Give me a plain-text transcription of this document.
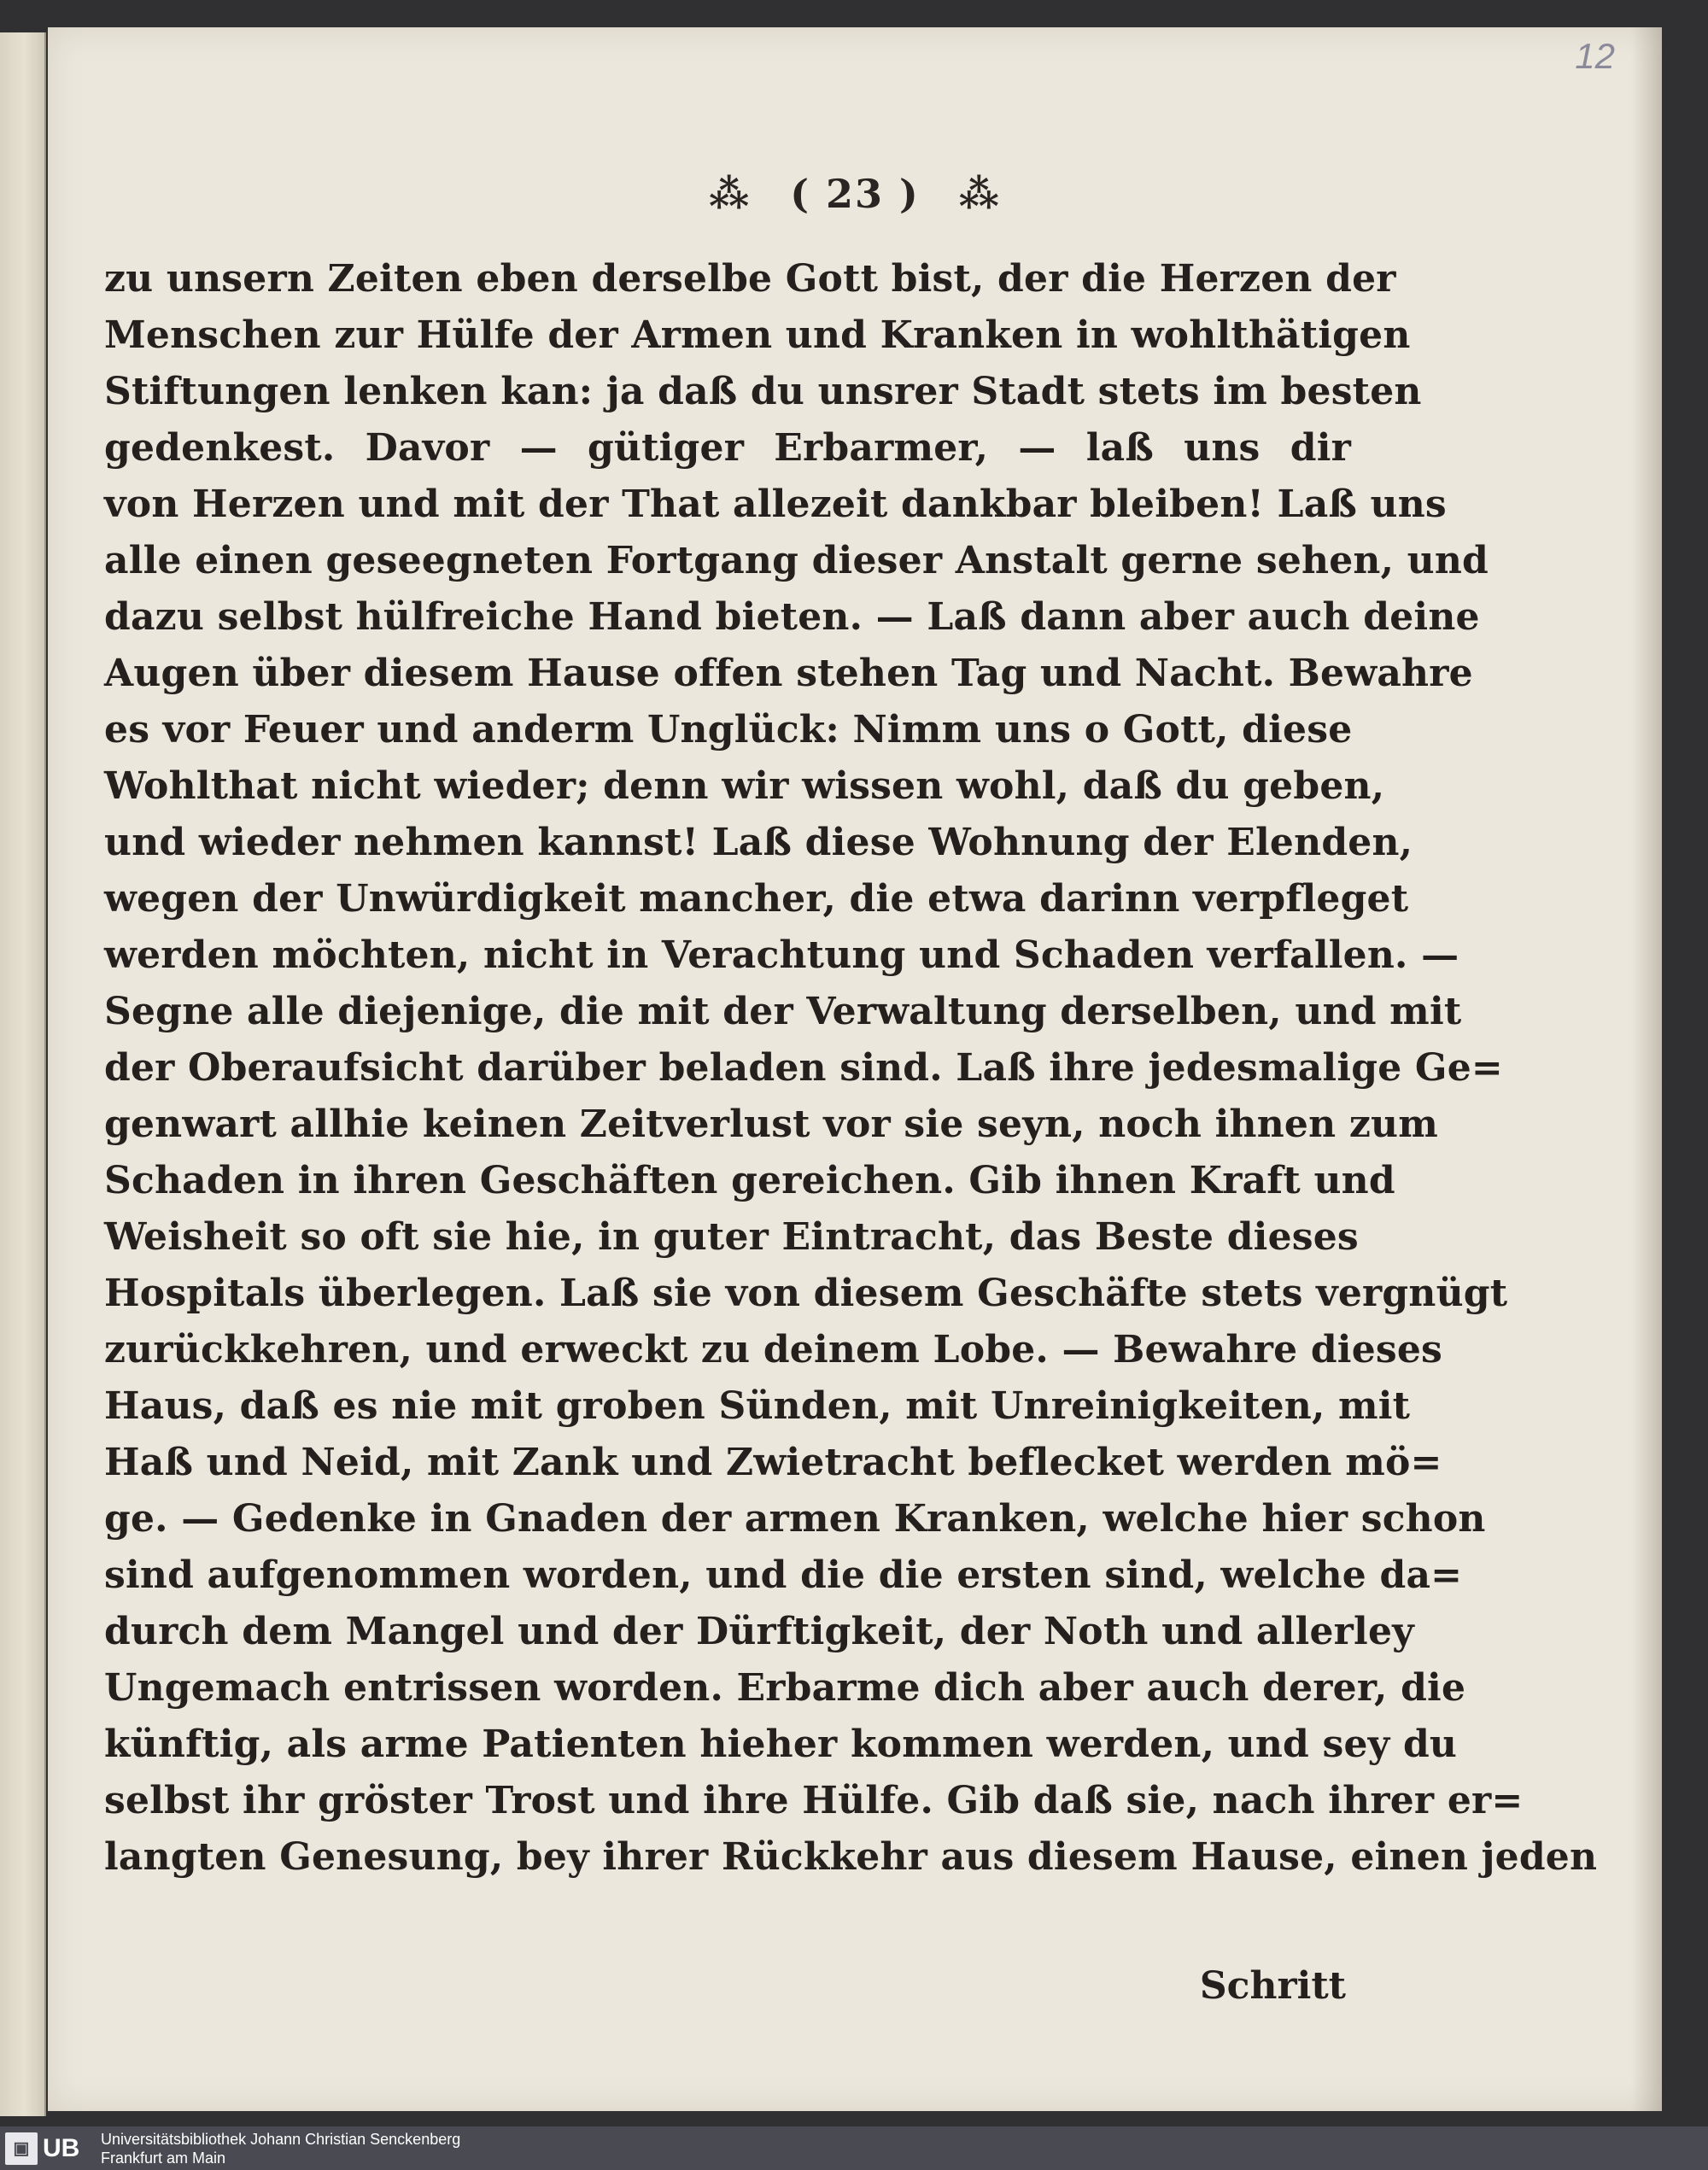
12
⁂ ( 23 ) ⁂
zu unsern Zeiten eben derselbe Gott bist, der die Herzen der
Menschen zur Hülfe der Armen und Kranken in wohlthätigen
Stiftungen lenken kan: ja daß du unsrer Stadt stets im besten
gedenkest. Davor — gütiger Erbarmer, — laß uns dir
von Herzen und mit der That allezeit dankbar bleiben! Laß uns
alle einen geseegneten Fortgang dieser Anstalt gerne sehen, und
dazu selbst hülfreiche Hand bieten. — Laß dann aber auch deine
Augen über diesem Hause offen stehen Tag und Nacht. Bewahre
es vor Feuer und anderm Unglück: Nimm uns o Gott, diese
Wohlthat nicht wieder; denn wir wissen wohl, daß du geben,
und wieder nehmen kannst! Laß diese Wohnung der Elenden,
wegen der Unwürdigkeit mancher, die etwa darinn verpfleget
werden möchten, nicht in Verachtung und Schaden verfallen. —
Segne alle diejenige, die mit der Verwaltung derselben, und mit
der Oberaufsicht darüber beladen sind. Laß ihre jedesmalige Ge=
genwart allhie keinen Zeitverlust vor sie seyn, noch ihnen zum
Schaden in ihren Geschäften gereichen. Gib ihnen Kraft und
Weisheit so oft sie hie, in guter Eintracht, das Beste dieses
Hospitals überlegen. Laß sie von diesem Geschäfte stets vergnügt
zurückkehren, und erweckt zu deinem Lobe. — Bewahre dieses
Haus, daß es nie mit groben Sünden, mit Unreinigkeiten, mit
Haß und Neid, mit Zank und Zwietracht beflecket werden mö=
ge. — Gedenke in Gnaden der armen Kranken, welche hier schon
sind aufgenommen worden, und die die ersten sind, welche da=
durch dem Mangel und der Dürftigkeit, der Noth und allerley
Ungemach entrissen worden. Erbarme dich aber auch derer, die
künftig, als arme Patienten hieher kommen werden, und sey du
selbst ihr gröster Trost und ihre Hülfe. Gib daß sie, nach ihrer er=
langten Genesung, bey ihrer Rückkehr aus diesem Hause, einen jeden
Schritt
▣ UB Universitätsbibliothek Johann Christian Senckenberg
Frankfurt am Main
